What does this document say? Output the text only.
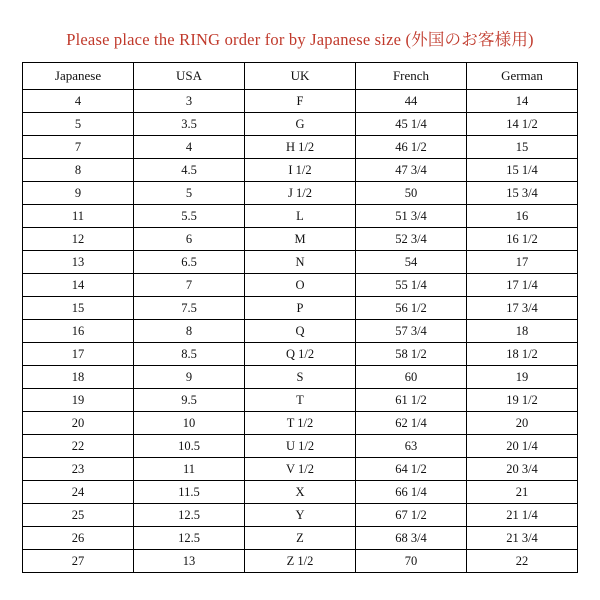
Please place the RING order for by Japanese size (外国のお客様用)
Japanese	USA	UK	French	German
4	3	F	44	14
5	3.5	G	45 1/4	14 1/2
7	4	H 1/2	46 1/2	15
8	4.5	I 1/2	47 3/4	15 1/4
9	5	J 1/2	50	15 3/4
11	5.5	L	51 3/4	16
12	6	M	52 3/4	16 1/2
13	6.5	N	54	17
14	7	O	55 1/4	17 1/4
15	7.5	P	56 1/2	17 3/4
16	8	Q	57 3/4	18
17	8.5	Q 1/2	58 1/2	18 1/2
18	9	S	60	19
19	9.5	T	61 1/2	19 1/2
20	10	T 1/2	62 1/4	20
22	10.5	U 1/2	63	20 1/4
23	11	V 1/2	64 1/2	20 3/4
24	11.5	X	66 1/4	21
25	12.5	Y	67 1/2	21 1/4
26	12.5	Z	68 3/4	21 3/4
27	13	Z 1/2	70	22
